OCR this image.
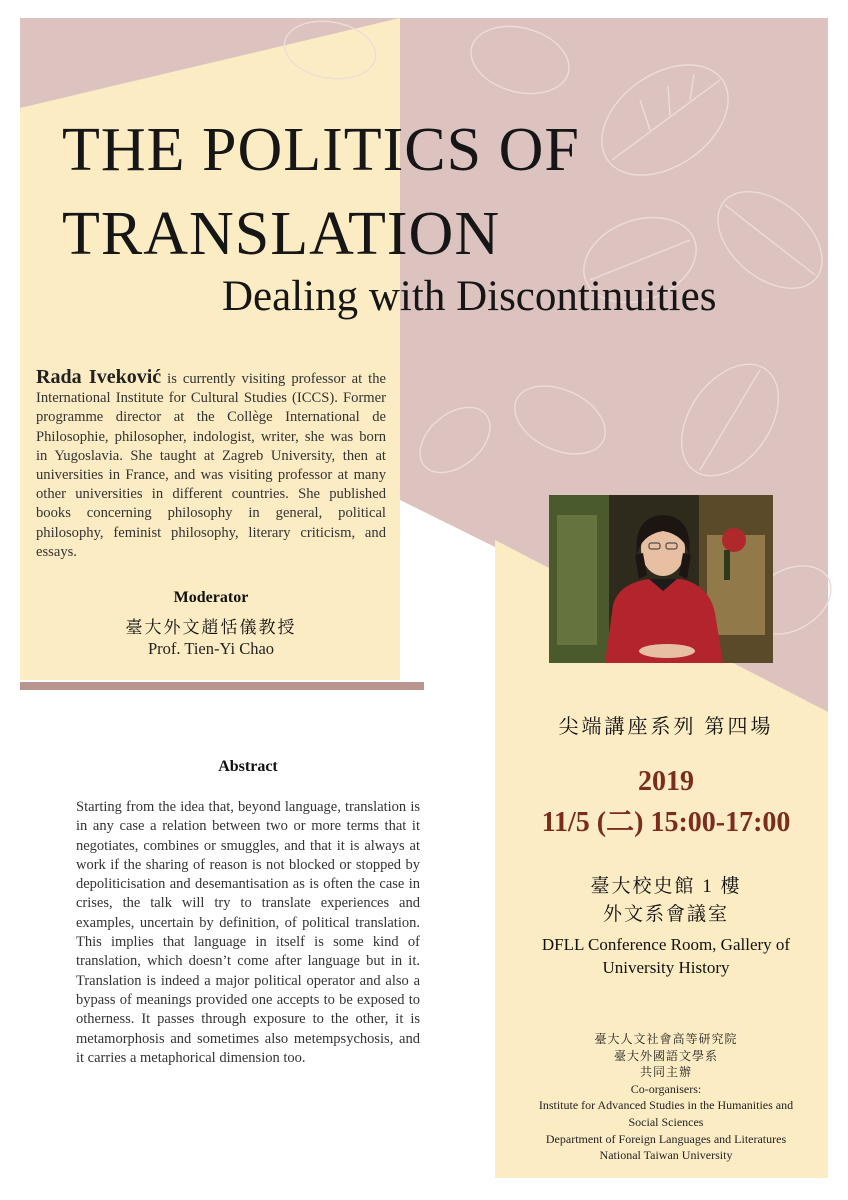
THE POLITICS OF
TRANSLATION
Dealing with Discontinuities
Rada Iveković is currently visiting professor at the International Institute for Cultural Studies (ICCS). Former programme director at the Collège International de Philosophie, philosopher, indologist, writer, she was born in Yugoslavia. She taught at Zagreb University, then at universities in France, and was visiting professor at many other universities in different countries. She published books concerning philosophy in general, political philosophy, feminist philosophy, literary criticism, and essays.
Moderator
臺大外文趙恬儀教授
Prof. Tien-Yi Chao
Abstract
Starting from the idea that, beyond language, translation is in any case a relation between two or more terms that it negotiates, combines or smuggles, and that it is always at work if the sharing of reason is not blocked or stopped by depoliticisation and desemantisation as is often the case in crises, the talk will try to translate experiences and examples, uncertain by definition, of political translation. This implies that language in itself is some kind of translation, which doesn’t come after language but in it. Translation is indeed a major political operator and also a bypass of meanings provided one accepts to be exposed to otherness. It passes through exposure to the other, it is metamorphosis and sometimes also metempsychosis, and it carries a metaphorical dimension too.
尖端講座系列 第四場
2019
11/5 (二) 15:00-17:00
臺大校史館 1 樓
外文系會議室
DFLL Conference Room, Gallery of
University History
臺大人文社會高等研究院
臺大外國語文學系
共同主辦
Co-organisers:
Institute for Advanced Studies in the Humanities and
Social Sciences
Department of Foreign Languages and Literatures
National Taiwan University
